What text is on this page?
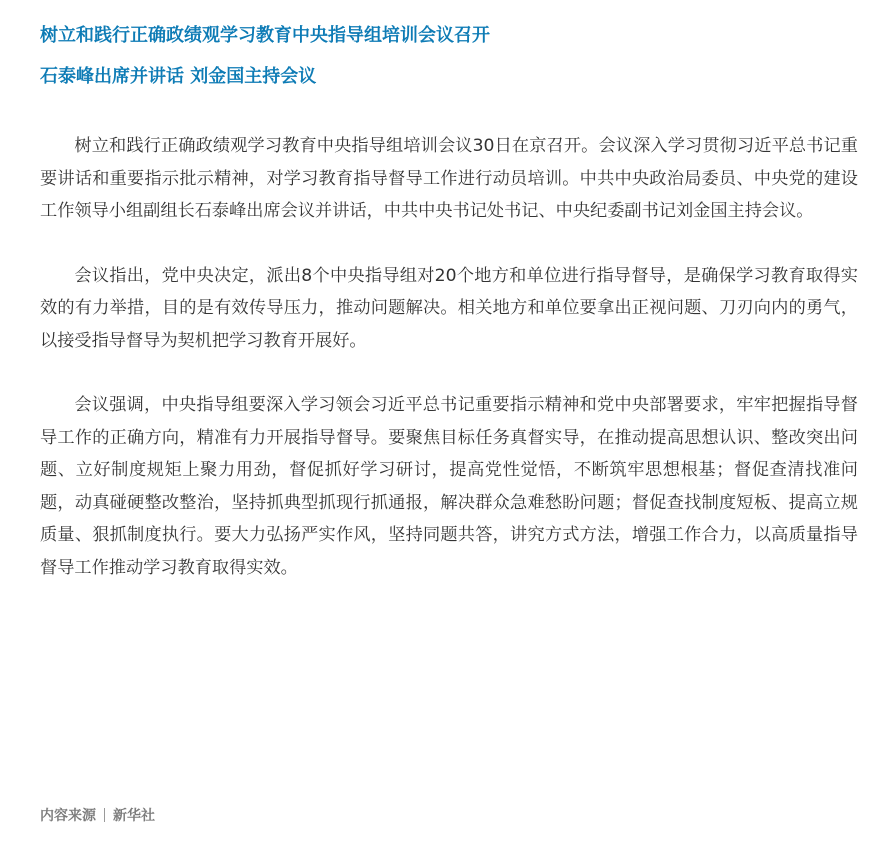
树立和践行正确政绩观学习教育中央指导组培训会议召开
石泰峰出席并讲话 刘金国主持会议

树立和践行正确政绩观学习教育中央指导组培训会议30日在京召开。会议深入学习贯彻习近平总书记重要讲话和重要指示批示精神，对学习教育指导督导工作进行动员培训。中共中央政治局委员、中央党的建设工作领导小组副组长石泰峰出席会议并讲话，中共中央书记处书记、中央纪委副书记刘金国主持会议。

会议指出，党中央决定，派出8个中央指导组对20个地方和单位进行指导督导，是确保学习教育取得实效的有力举措，目的是有效传导压力，推动问题解决。相关地方和单位要拿出正视问题、刀刃向内的勇气，以接受指导督导为契机把学习教育开展好。

会议强调，中央指导组要深入学习领会习近平总书记重要指示精神和党中央部署要求，牢牢把握指导督导工作的正确方向，精准有力开展指导督导。要聚焦目标任务真督实导，在推动提高思想认识、整改突出问题、立好制度规矩上聚力用劲，督促抓好学习研讨，提高党性觉悟，不断筑牢思想根基；督促查清找准问题，动真碰硬整改整治，坚持抓典型抓现行抓通报，解决群众急难愁盼问题；督促查找制度短板、提高立规质量、狠抓制度执行。要大力弘扬严实作风，坚持同题共答，讲究方式方法，增强工作合力，以高质量指导督导工作推动学习教育取得实效。

内容来源 新华社
